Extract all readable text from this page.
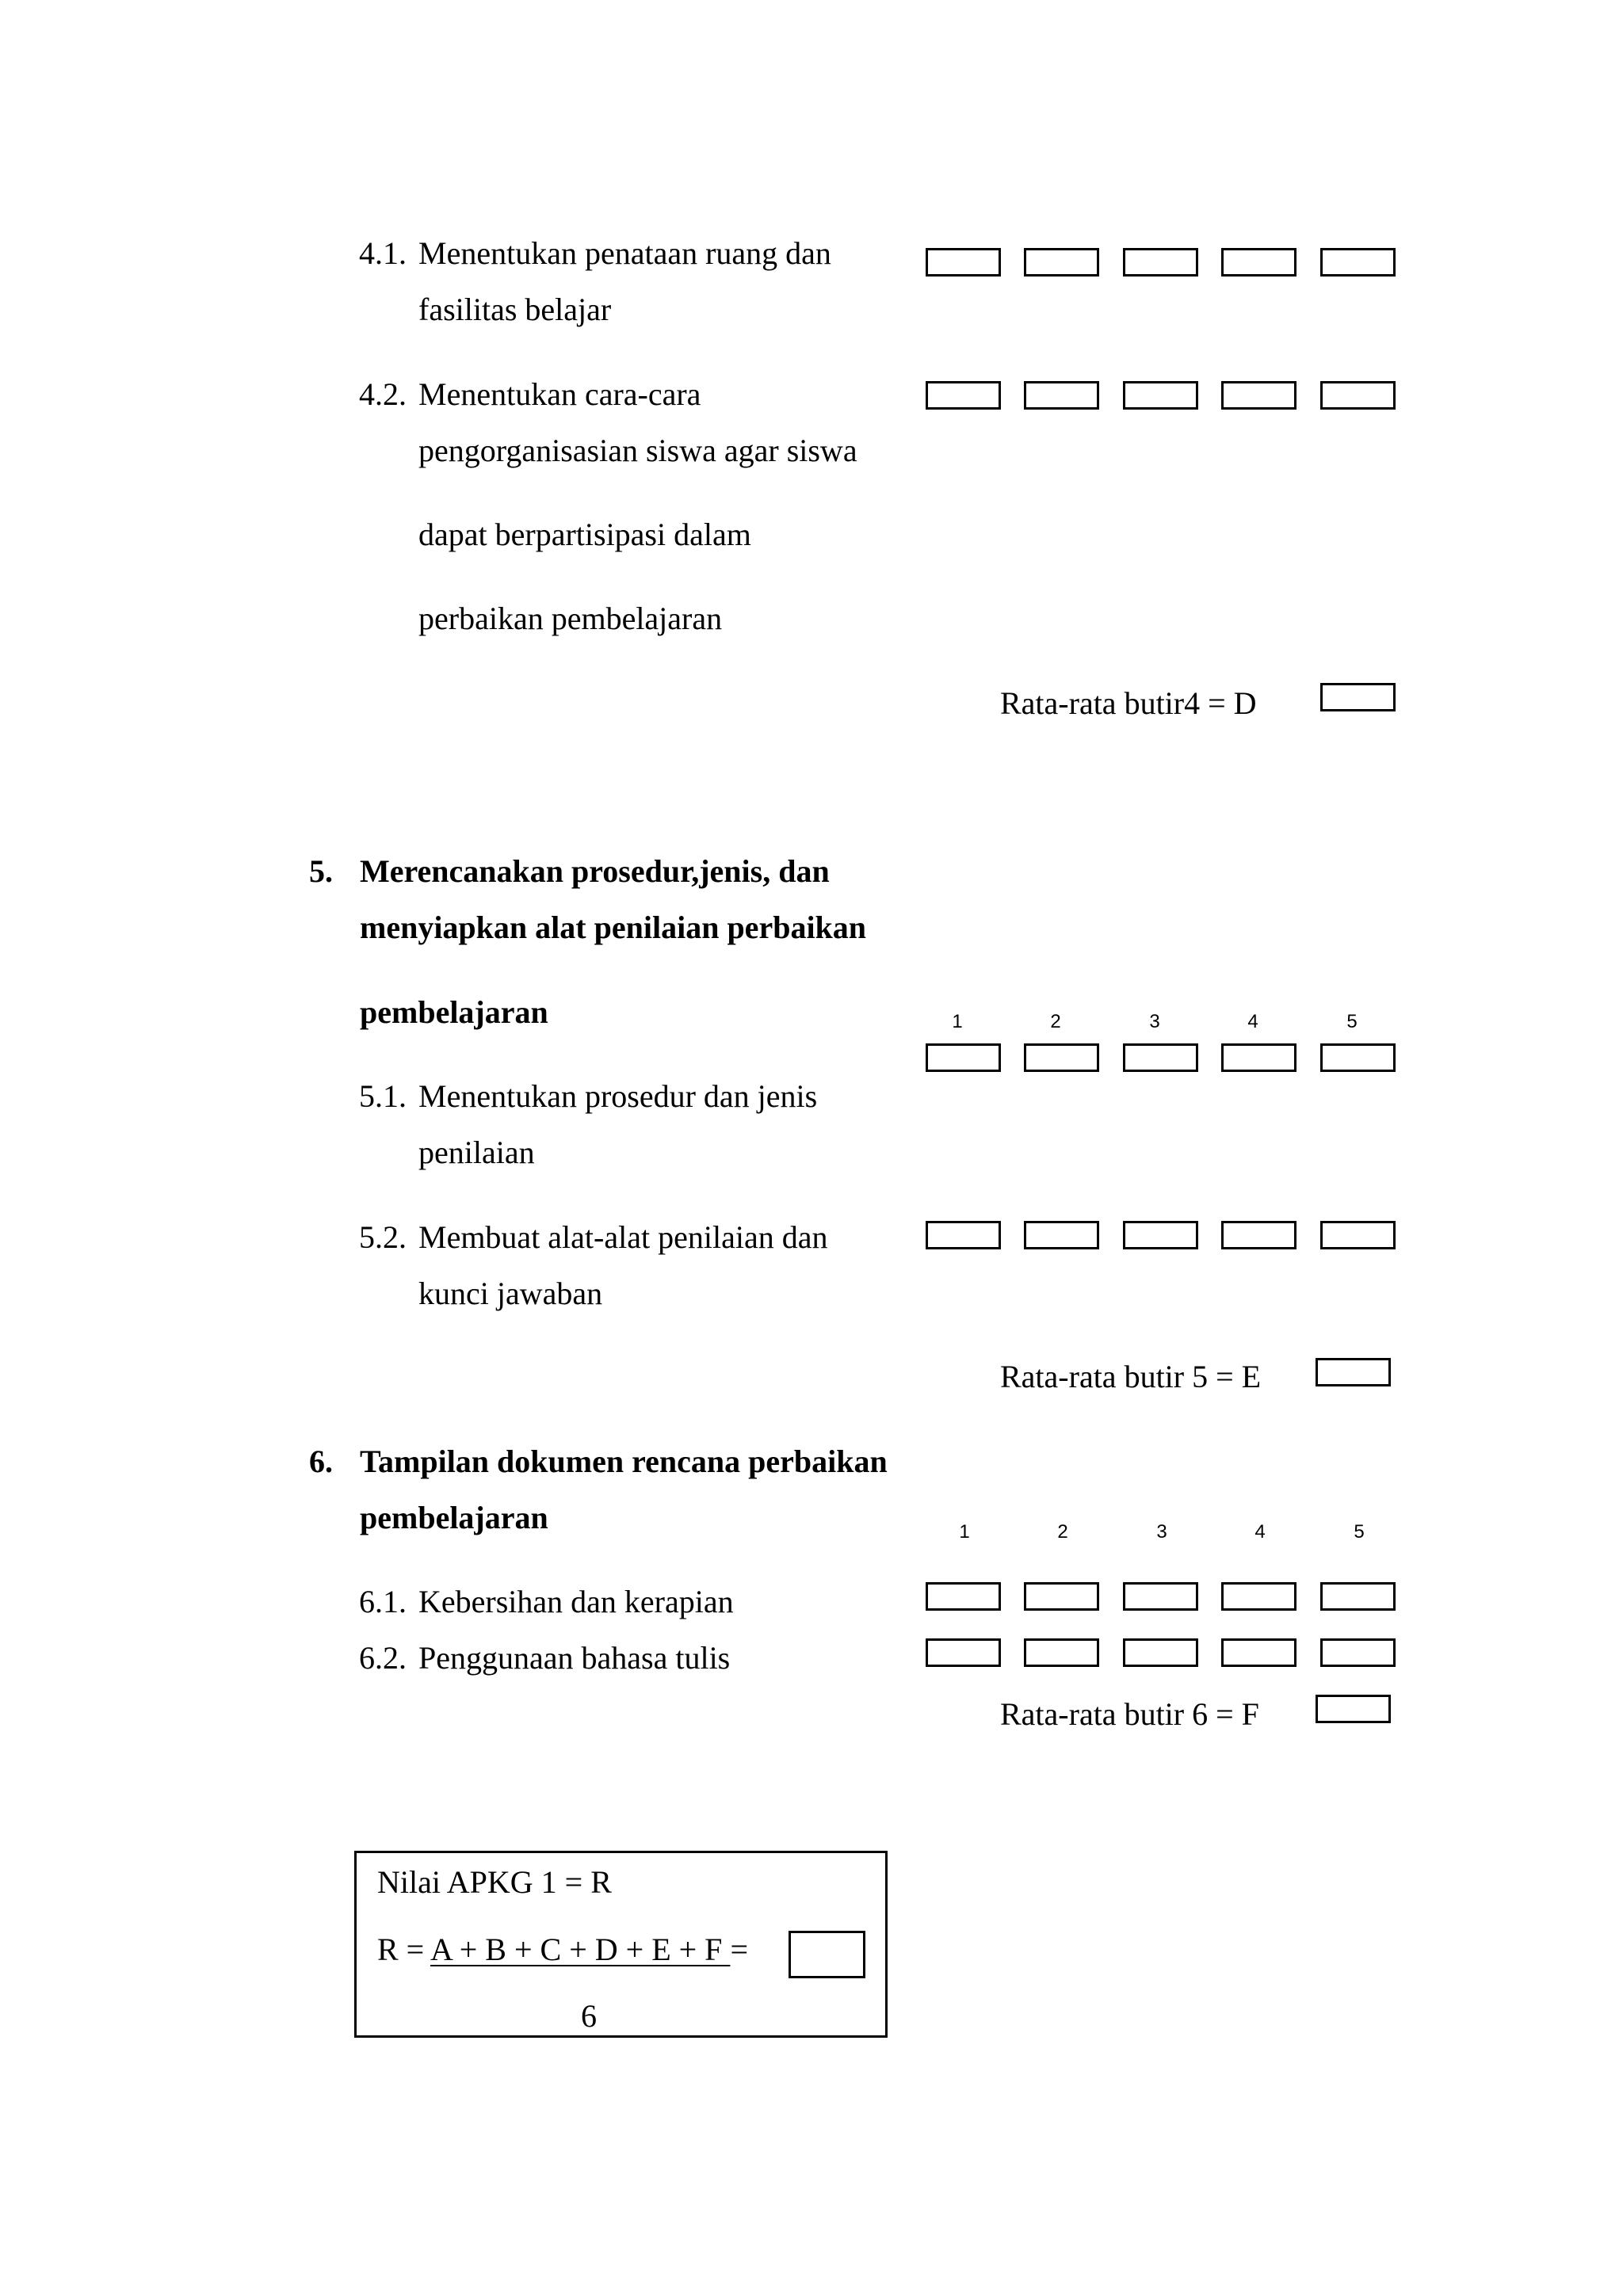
4.1. Menentukan penataan ruang dan
fasilitas belajar
4.2. Menentukan cara-cara
pengorganisasian siswa agar siswa
dapat berpartisipasi dalam
perbaikan pembelajaran
Rata-rata butir4 = D
5. Merencanakan prosedur,jenis, dan
menyiapkan alat penilaian perbaikan
pembelajaran	1	2	3	4	5
5.1. Menentukan prosedur dan jenis
penilaian
5.2. Membuat alat-alat penilaian dan
kunci jawaban
Rata-rata butir 5 = E
6. Tampilan dokumen rencana perbaikan
pembelajaran	1	2	3	4	5
6.1. Kebersihan dan kerapian
6.2. Penggunaan bahasa tulis
Rata-rata butir 6 = F
Nilai APKG 1 = R
R = A + B + C + D + E + F =
6
